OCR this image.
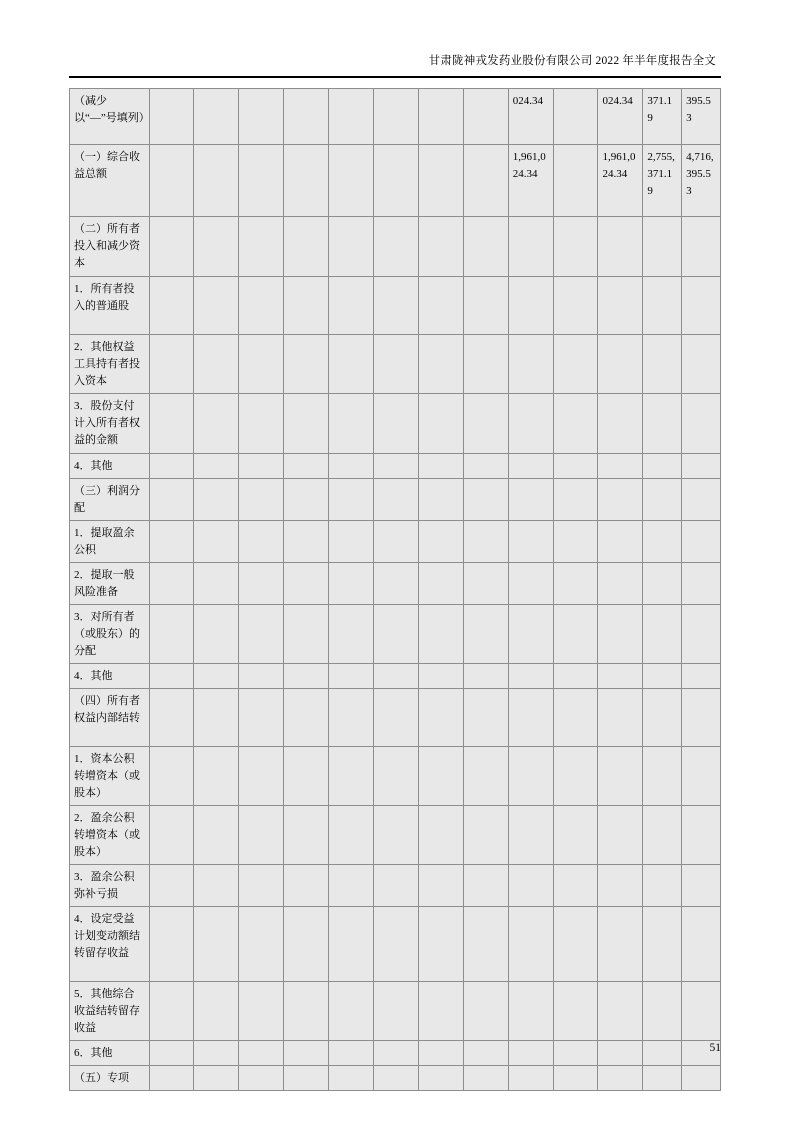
甘肃陇神戎发药业股份有限公司 2022 年半年度报告全文
（减少以“—”号填列）									024.34		024.34	371.19	395.53
（一）综合收益总额									1,961,024.34		1,961,024.34	2,755,371.19	4,716,395.53
（二）所有者投入和减少资本													
1．所有者投入的普通股													
2．其他权益工具持有者投入资本													
3．股份支付计入所有者权益的金额													
4．其他													
（三）利润分配													
1．提取盈余公积													
2．提取一般风险准备													
3．对所有者（或股东）的分配													
4．其他													
（四）所有者权益内部结转													
1．资本公积转增资本（或股本）													
2．盈余公积转增资本（或股本）													
3．盈余公积弥补亏损													
4．设定受益计划变动额结转留存收益													
5．其他综合收益结转留存收益													
6．其他													
（五）专项													
51
